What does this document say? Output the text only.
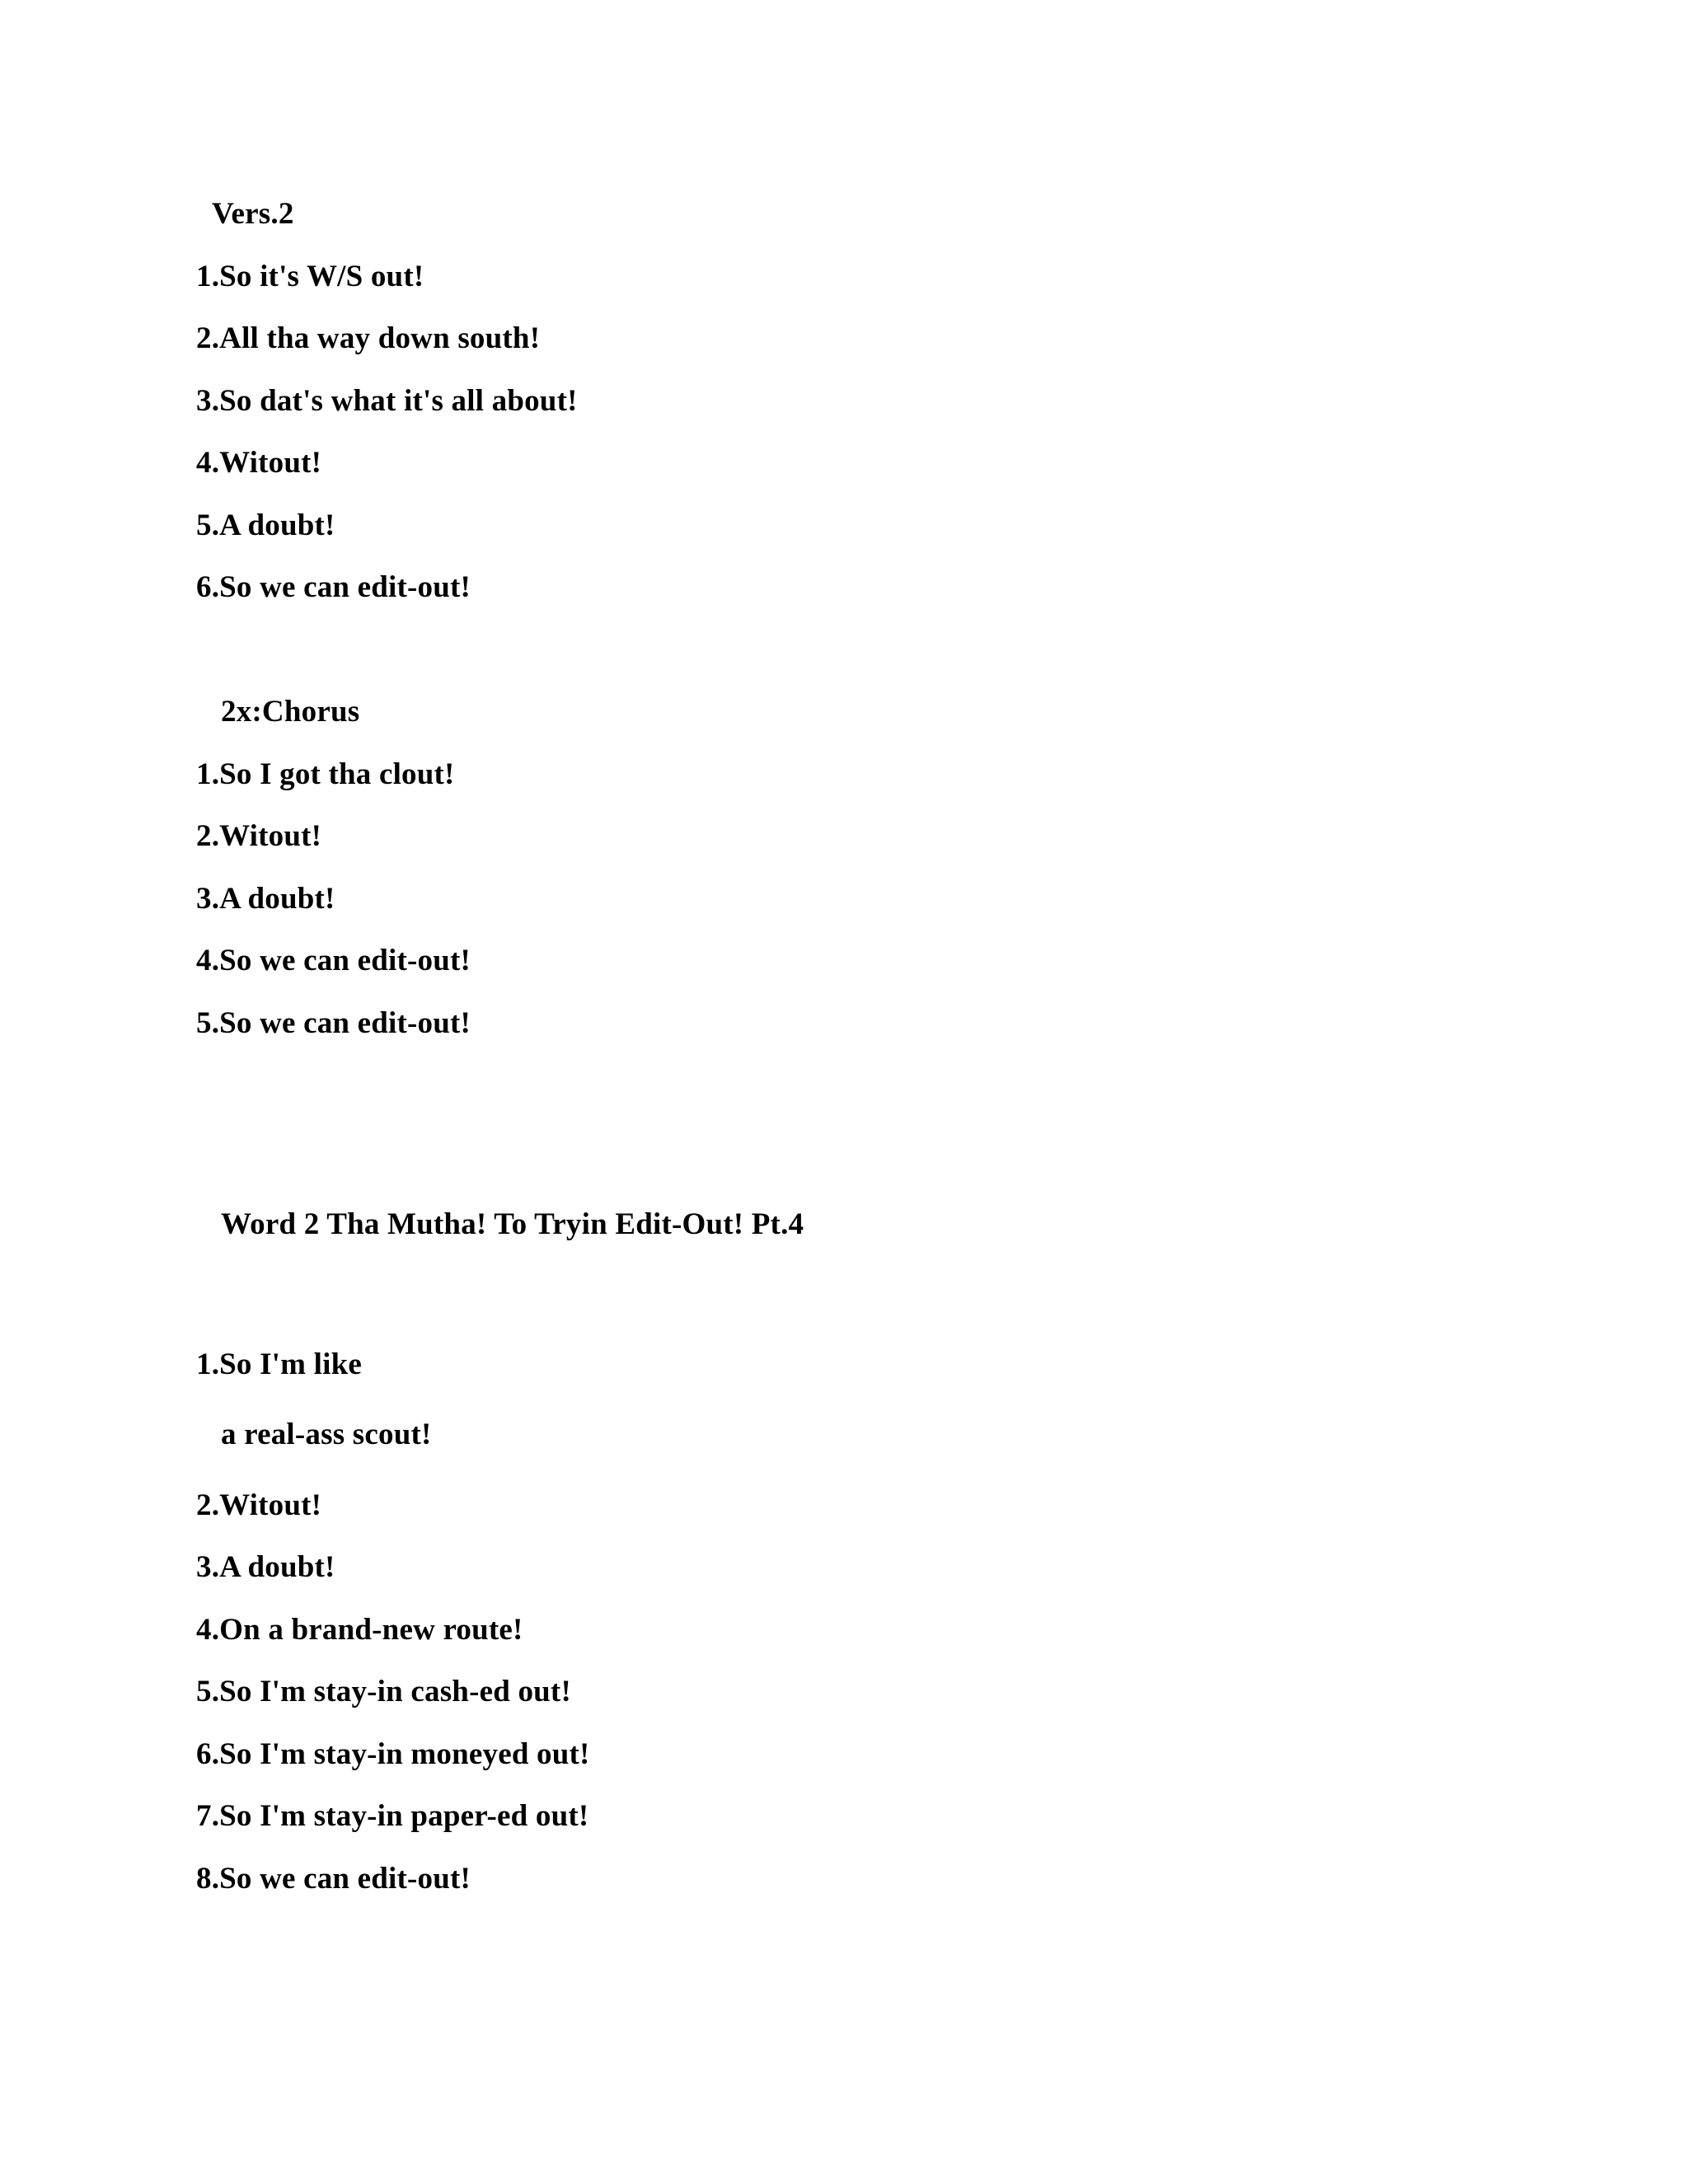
Vers.2
1.So it's W/S out!
2.All tha way down south!
3.So dat's what it's all about!
4.Witout!
5.A doubt!
6.So we can edit-out!
2x:Chorus
1.So I got tha clout!
2.Witout!
3.A doubt!
4.So we can edit-out!
5.So we can edit-out!
Word 2 Tha Mutha! To Tryin Edit-Out! Pt.4
1.So I'm like
a real-ass scout!
2.Witout!
3.A doubt!
4.On a brand-new route!
5.So I'm stay-in cash-ed out!
6.So I'm stay-in moneyed out!
7.So I'm stay-in paper-ed out!
8.So we can edit-out!
